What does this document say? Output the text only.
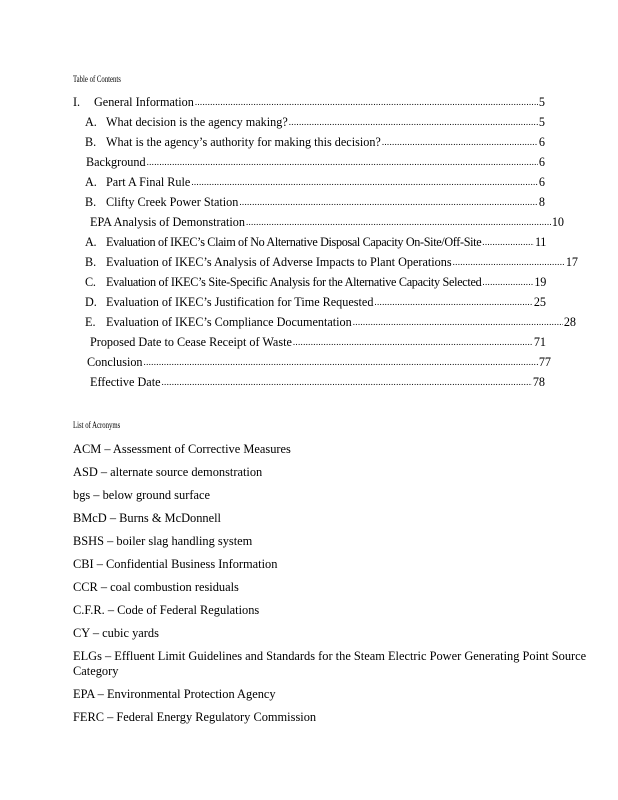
Table of Contents
I.	General Information .....	5
A. What decision is the agency making? .....	5
B. What is the agency’s authority for making this decision? .....	6
Background .....	6
A. Part A Final Rule .....	6
B. Clifty Creek Power Station .....	8
EPA Analysis of Demonstration .....	10
A. Evaluation of IKEC’s Claim of No Alternative Disposal Capacity On-Site/Off-Site .....	11
B. Evaluation of IKEC’s Analysis of Adverse Impacts to Plant Operations .....	17
C. Evaluation of IKEC’s Site-Specific Analysis for the Alternative Capacity Selected .....	19
D. Evaluation of IKEC’s Justification for Time Requested .....	25
E. Evaluation of IKEC’s Compliance Documentation .....	28
Proposed Date to Cease Receipt of Waste .....	71
Conclusion .....	77
Effective Date .....	78
List of Acronyms
ACM – Assessment of Corrective Measures
ASD – alternate source demonstration
bgs – below ground surface
BMcD – Burns & McDonnell
BSHS – boiler slag handling system
CBI – Confidential Business Information
CCR – coal combustion residuals
C.F.R. – Code of Federal Regulations
CY – cubic yards
ELGs – Effluent Limit Guidelines and Standards for the Steam Electric Power Generating Point Source Category
EPA – Environmental Protection Agency
FERC – Federal Energy Regulatory Commission
